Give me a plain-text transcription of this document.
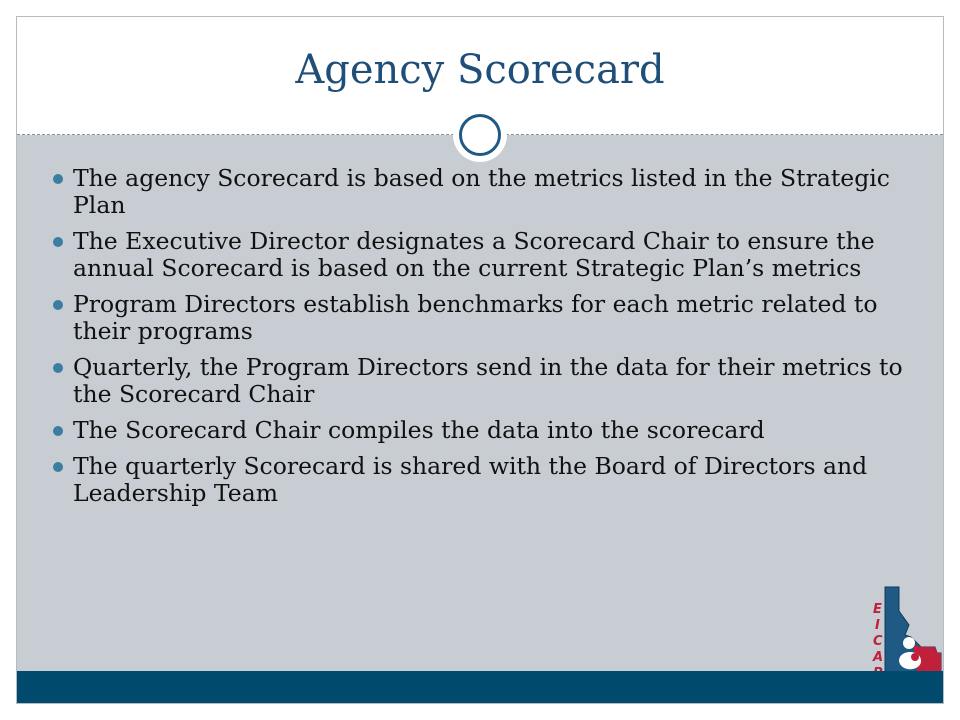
Agency Scorecard
The agency Scorecard is based on the metrics listed in the Strategic Plan
The Executive Director designates a Scorecard Chair to ensure the annual Scorecard is based on the current Strategic Plan’s metrics
Program Directors establish benchmarks for each metric related to their programs
Quarterly, the Program Directors send in the data for their metrics to the Scorecard Chair
The Scorecard Chair compiles the data into the scorecard
The quarterly Scorecard is shared with the Board of Directors and Leadership Team
E
I
C
A
